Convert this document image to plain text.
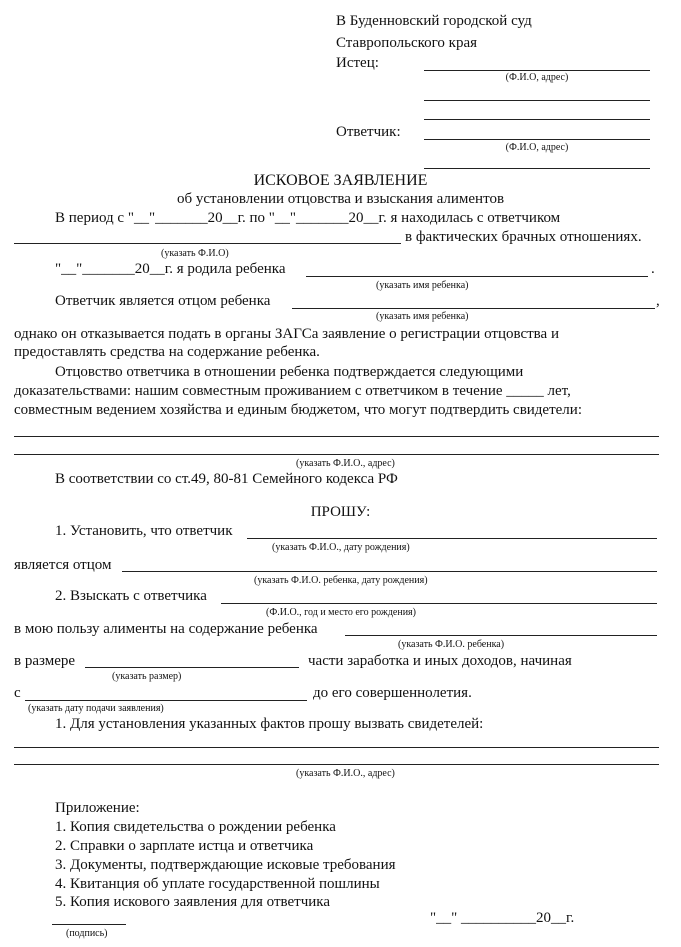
В Буденновский городской суд
Ставропольского края
Истец:
(Ф.И.О, адрес)
Ответчик:
(Ф.И.О, адрес)
ИСКОВОЕ ЗАЯВЛЕНИЕ
об установлении отцовства и взыскания алиментов
В период с "__"_______20__г. по "__"_______20__г. я находилась с ответчиком
в фактических брачных отношениях.
(указать Ф.И.О)
"__"_______20__г. я родила ребенка	.
(указать имя ребенка)
Ответчик является отцом ребенка	,
(указать имя ребенка)
однако он отказывается подать в органы ЗАГСа заявление о регистрации отцовства и
предоставлять средства на содержание ребенка.
Отцовство ответчика в отношении ребенка подтверждается следующими
доказательствами: нашим совместным проживанием с ответчиком в течение _____ лет,
совместным ведением хозяйства и единым бюджетом, что могут подтвердить свидетели:
(указать Ф.И.О., адрес)
В соответствии со ст.49, 80-81 Семейного кодекса РФ
ПРОШУ:
1. Установить, что ответчик
(указать Ф.И.О., дату рождения)
является отцом
(указать Ф.И.О. ребенка, дату рождения)
2. Взыскать с ответчика
(Ф.И.О., год и место его рождения)
в мою пользу алименты на содержание ребенка
(указать Ф.И.О. ребенка)
в размере	части заработка и иных доходов, начиная
(указать размер)
с	до его совершеннолетия.
(указать дату подачи заявления)
1. Для установления указанных фактов прошу вызвать свидетелей:
(указать Ф.И.О., адрес)
Приложение:
1. Копия свидетельства о рождении ребенка
2. Справки о зарплате истца и ответчика
3. Документы, подтверждающие исковые требования
4. Квитанция об уплате государственной пошлины
5. Копия искового заявления для ответчика
(подпись)
"__" __________20__г.
